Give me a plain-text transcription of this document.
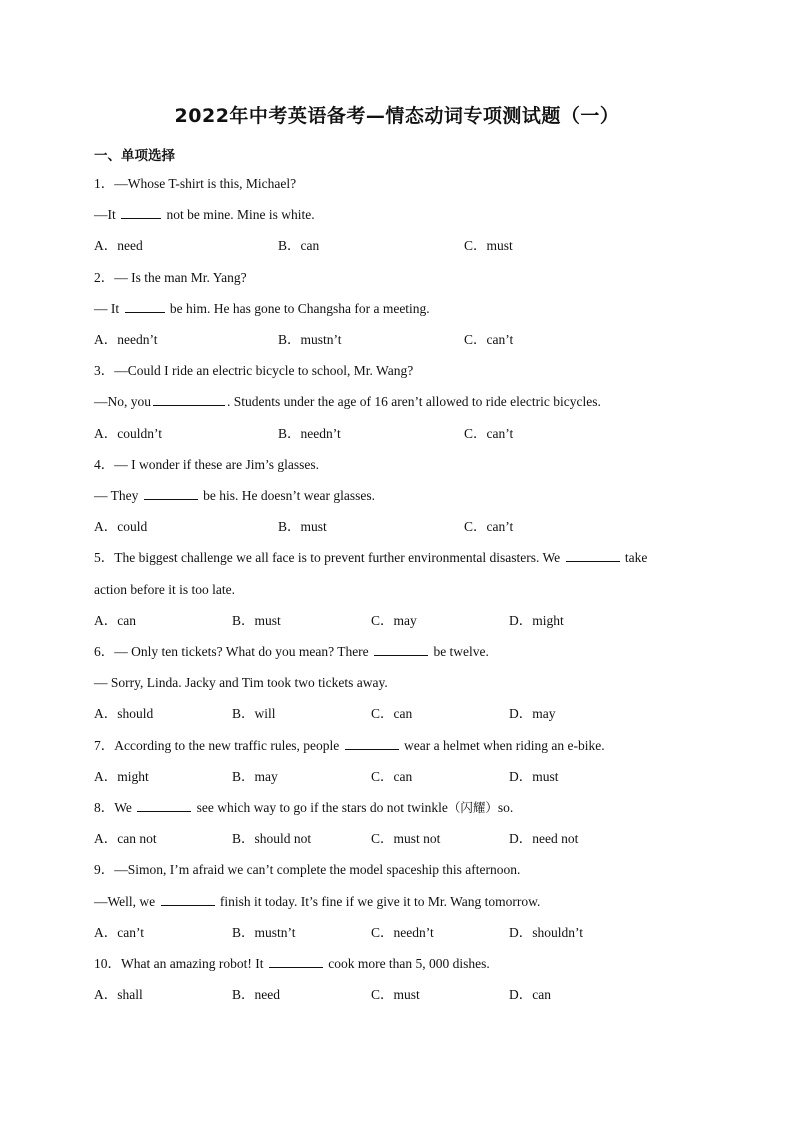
2022年中考英语备考—情态动词专项测试题（一）
一、单项选择
1．—Whose T-shirt is this, Michael?
—It	not be mine. Mine is white.
A．need	B．can	C．must
2．— Is the man Mr. Yang?
— It	be him. He has gone to Changsha for a meeting.
A．needn’t	B．mustn’t	C．can’t
3．—Could I ride an electric bicycle to school, Mr. Wang?
—No, you	. Students under the age of 16 aren’t allowed to ride electric bicycles.
A．couldn’t	B．needn’t	C．can’t
4．— I wonder if these are Jim’s glasses.
— They	be his. He doesn’t wear glasses.
A．could	B．must	C．can’t
5．The biggest challenge we all face is to prevent further environmental disasters. We	take
action before it is too late.
A．can	B．must	C．may	D．might
6．— Only ten tickets? What do you mean? There	be twelve.
— Sorry, Linda. Jacky and Tim took two tickets away.
A．should	B．will	C．can	D．may
7．According to the new traffic rules, people	wear a helmet when riding an e-bike.
A．might	B．may	C．can	D．must
8．We	see which way to go if the stars do not twinkle（闪耀）so.
A．can not	B．should not	C．must not	D．need not
9．—Simon, I’m afraid we can’t complete the model spaceship this afternoon.
—Well, we	finish it today. It’s fine if we give it to Mr. Wang tomorrow.
A．can’t	B．mustn’t	C．needn’t	D．shouldn’t
10．What an amazing robot! It	cook more than 5, 000 dishes.
A．shall	B．need	C．must	D．can
